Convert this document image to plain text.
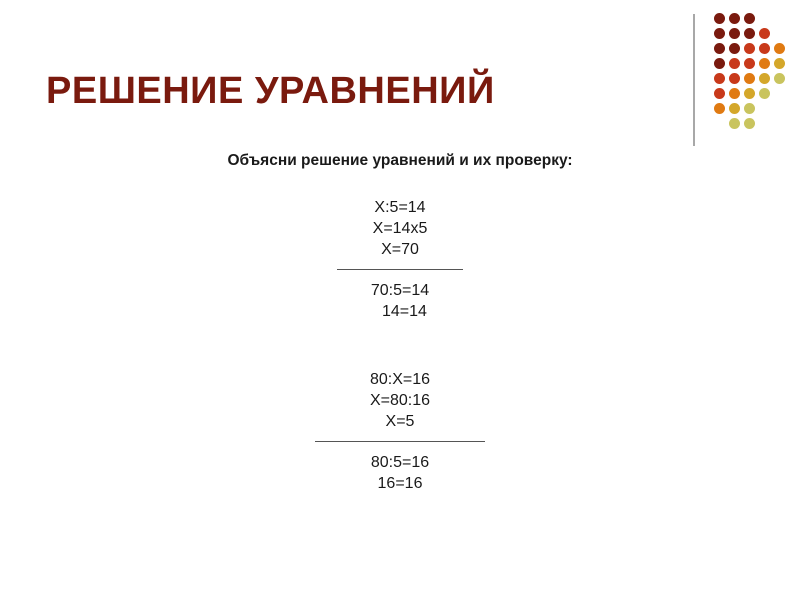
РЕШЕНИЕ УРАВНЕНИЙ
Объясни решение уравнений и их проверку:
X:5=14
X=14х5
X=70
70:5=14
14=14
80:X=16
X=80:16
X=5
80:5=16
16=16
